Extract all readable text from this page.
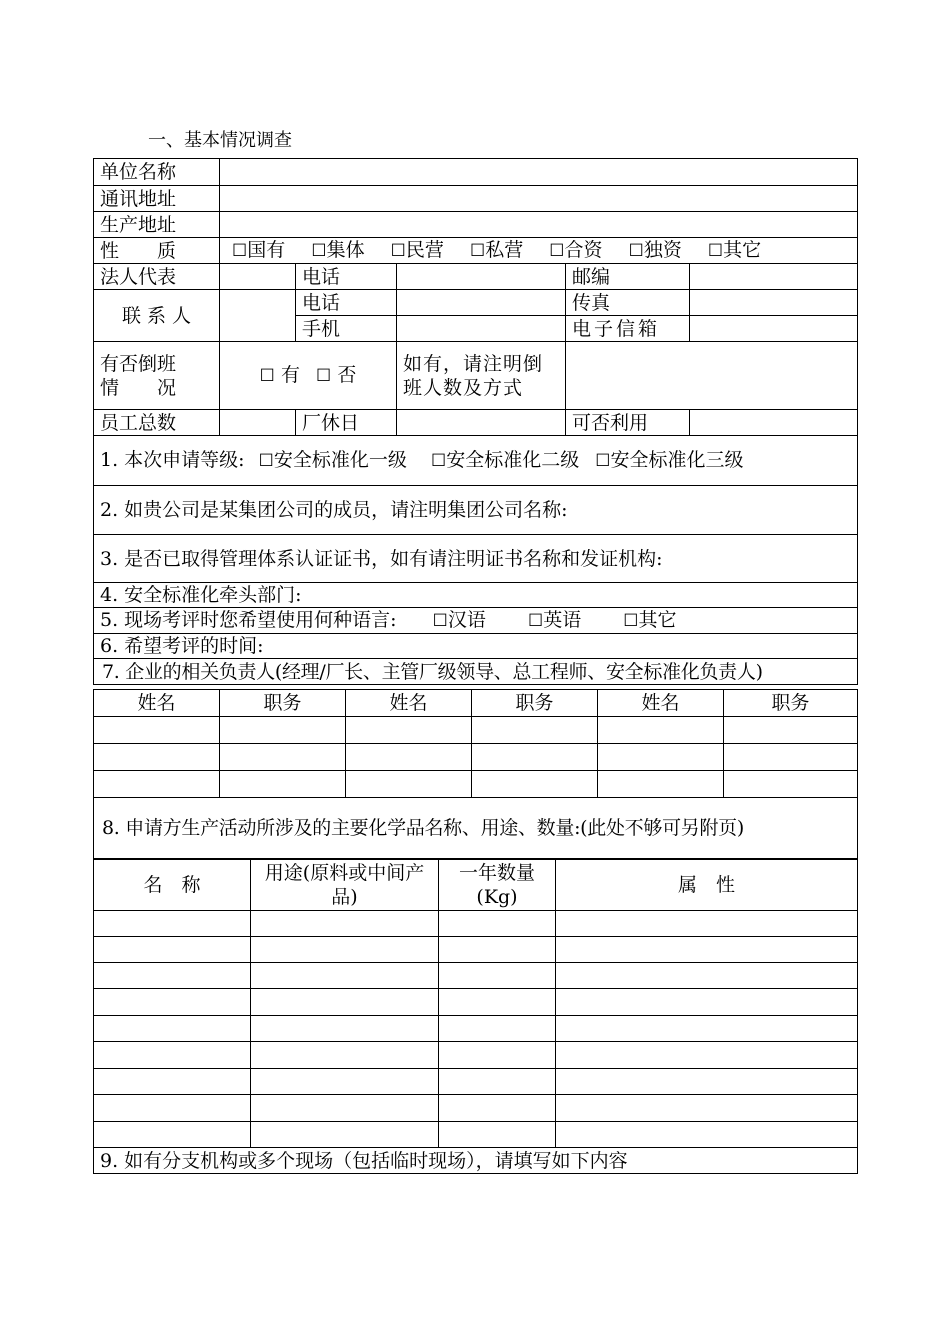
一、基本情况调查
单位名称					
通讯地址					
生产地址					
性　　质	☐国有 ☐集体 ☐民营 ☐私营 ☐合资 ☐独资 ☐其它				
法人代表		电话		邮编	
联 系 人		电话		传真	
		手机		电子信箱	
有否倒班
情　　况	☐ 有 ☐ 否		如有，请注明倒班人数及方式		
员工总数		厂休日		可否利用	
1. 本次申请等级: ☐安全标准化一级 ☐安全标准化二级 ☐安全标准化三级					
2. 如贵公司是某集团公司的成员，请注明集团公司名称:					
3. 是否已取得管理体系认证证书，如有请注明证书名称和发证机构:					
4. 安全标准化牵头部门:					
5. 现场考评时您希望使用何种语言: ☐汉语 ☐英语 ☐其它					
6. 希望考评的时间:					
7. 企业的相关负责人(经理/厂长、主管厂级领导、总工程师、安全标准化负责人)					
姓名	职务	姓名	职务	姓名	职务

8. 申请方生产活动所涉及的主要化学品名称、用途、数量:(此处不够可另附页)					
名　称	用途(原料或中间产品)	一年数量(Kg)	属　性

9. 如有分支机构或多个现场（包括临时现场），请填写如下内容			
